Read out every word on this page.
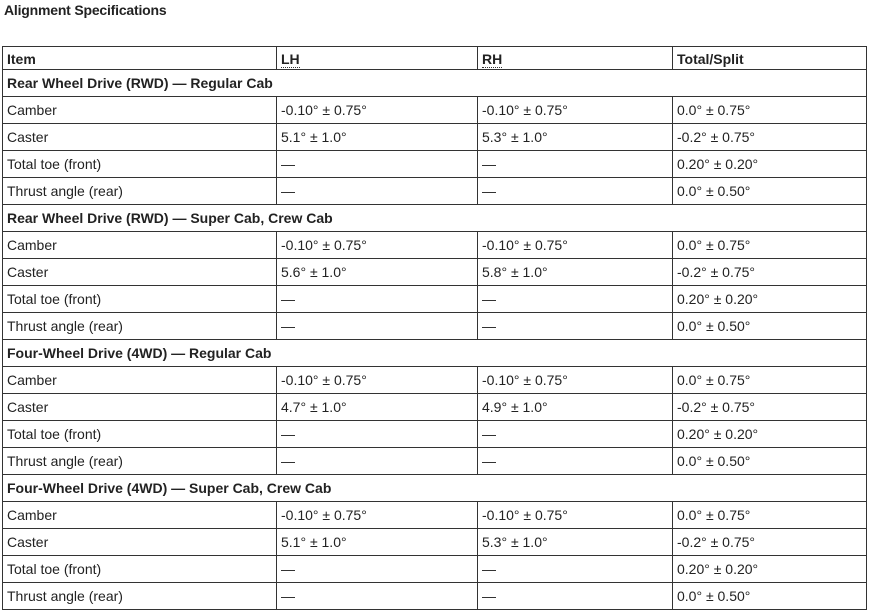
Alignment Specifications
Item	LH	RH	Total/Split
Rear Wheel Drive (RWD) — Regular Cab			
Camber	-0.10° ± 0.75°	-0.10° ± 0.75°	0.0° ± 0.75°
Caster	5.1° ± 1.0°	5.3° ± 1.0°	-0.2° ± 0.75°
Total toe (front)	—	—	0.20° ± 0.20°
Thrust angle (rear)	—	—	0.0° ± 0.50°
Rear Wheel Drive (RWD) — Super Cab, Crew Cab			
Camber	-0.10° ± 0.75°	-0.10° ± 0.75°	0.0° ± 0.75°
Caster	5.6° ± 1.0°	5.8° ± 1.0°	-0.2° ± 0.75°
Total toe (front)	—	—	0.20° ± 0.20°
Thrust angle (rear)	—	—	0.0° ± 0.50°
Four-Wheel Drive (4WD) — Regular Cab			
Camber	-0.10° ± 0.75°	-0.10° ± 0.75°	0.0° ± 0.75°
Caster	4.7° ± 1.0°	4.9° ± 1.0°	-0.2° ± 0.75°
Total toe (front)	—	—	0.20° ± 0.20°
Thrust angle (rear)	—	—	0.0° ± 0.50°
Four-Wheel Drive (4WD) — Super Cab, Crew Cab			
Camber	-0.10° ± 0.75°	-0.10° ± 0.75°	0.0° ± 0.75°
Caster	5.1° ± 1.0°	5.3° ± 1.0°	-0.2° ± 0.75°
Total toe (front)	—	—	0.20° ± 0.20°
Thrust angle (rear)	—	—	0.0° ± 0.50°
